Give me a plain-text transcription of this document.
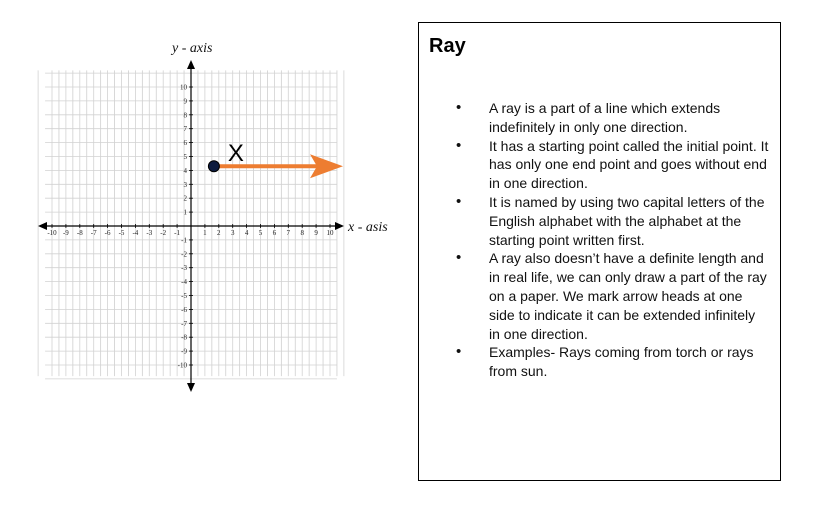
-10 -9 -8 -7 -6 -5 -4 -3 -2 -1	1 2 3 4 5 6 7 8 9 10
-10
-9
-8
-7
-6
-5
-4
-3
-2
-1
1
2
3
4
5
6
7
8
9
10
y - axis
x - asis
X
Ray
• A ray is a part of a line which extends indefinitely in only one direction.
• It has a starting point called the initial point. It has only one end point and goes without end in one direction.
• It is named by using two capital letters of the English alphabet with the alphabet at the starting point written first.
• A ray also doesn’t have a definite length and in real life, we can only draw a part of the ray on a paper. We mark arrow heads at one side to indicate it can be extended infinitely in one direction.
• Examples- Rays coming from torch or rays from sun.
